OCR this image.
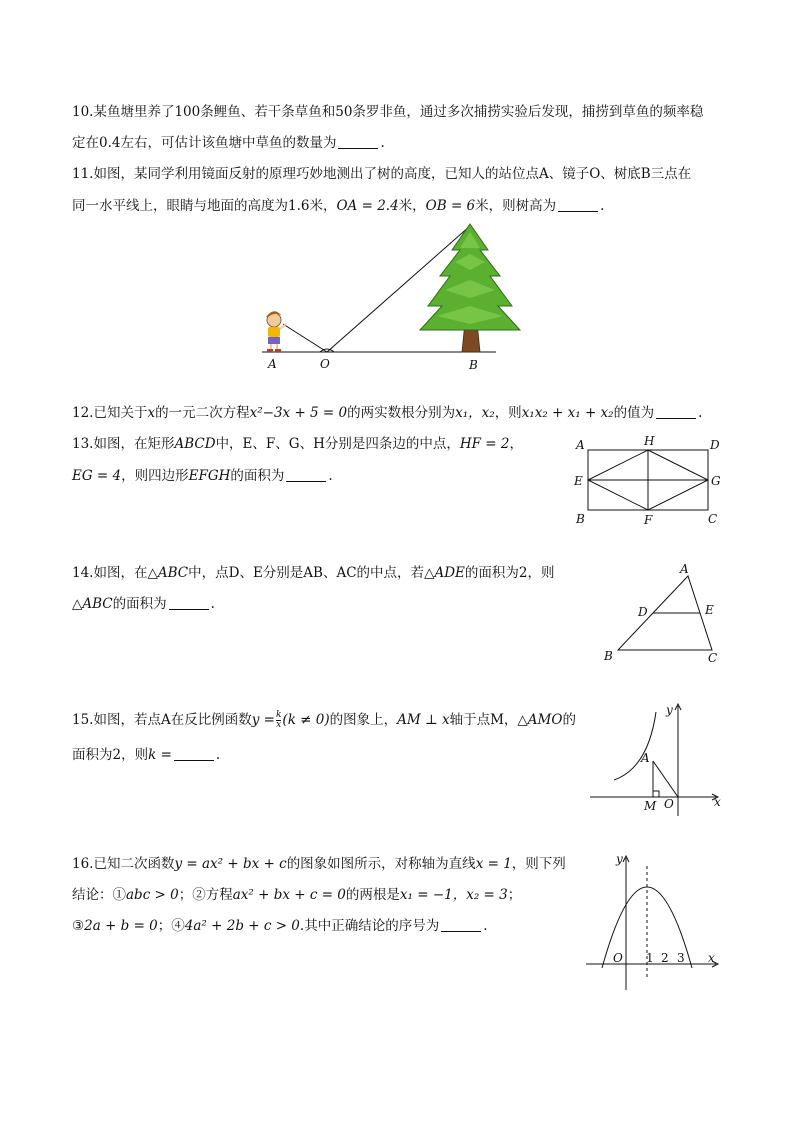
10.某鱼塘里养了100条鲤鱼、若干条草鱼和50条罗非鱼，通过多次捕捞实验后发现，捕捞到草鱼的频率稳
定在0.4左右，可估计该鱼塘中草鱼的数量为	.
11.如图，某同学利用镜面反射的原理巧妙地测出了树的高度，已知人的站位点A、镜子O、树底B三点在
同一水平线上，眼睛与地面的高度为1.6米，OA = 2.4米，OB = 6米，则树高为	.
A	O	B
12.已知关于x的一元二次方程x²−3x + 5 = 0的两实数根分别为x₁，x₂，则x₁x₂ + x₁ + x₂的值为	.
13.如图，在矩形ABCD中，E、F、G、H分别是四条边的中点，HF = 2，
EG = 4，则四边形EFGH的面积为	.
A	H	D
E	G
B	F	C
14.如图，在△ABC中，点D、E分别是AB、AC的中点，若△ADE的面积为2，则
△ABC的面积为	.
A
D	E
B	C
15.如图，若点A在反比例函数$y = \frac{k}{x} (k \ne 0)$的图象上，AM ⊥ x轴于点M，△AMO的
面积为2，则k =	.
y
A
M O	x
16.已知二次函数y = ax² + bx + c的图象如图所示，对称轴为直线x = 1，则下列
结论：①abc > 0；②方程ax² + bx + c = 0的两根是x₁ = −1，x₂ = 3；
③2a + b = 0；④4a² + 2b + c > 0.其中正确结论的序号为	.
y
O 1 2 3 x
